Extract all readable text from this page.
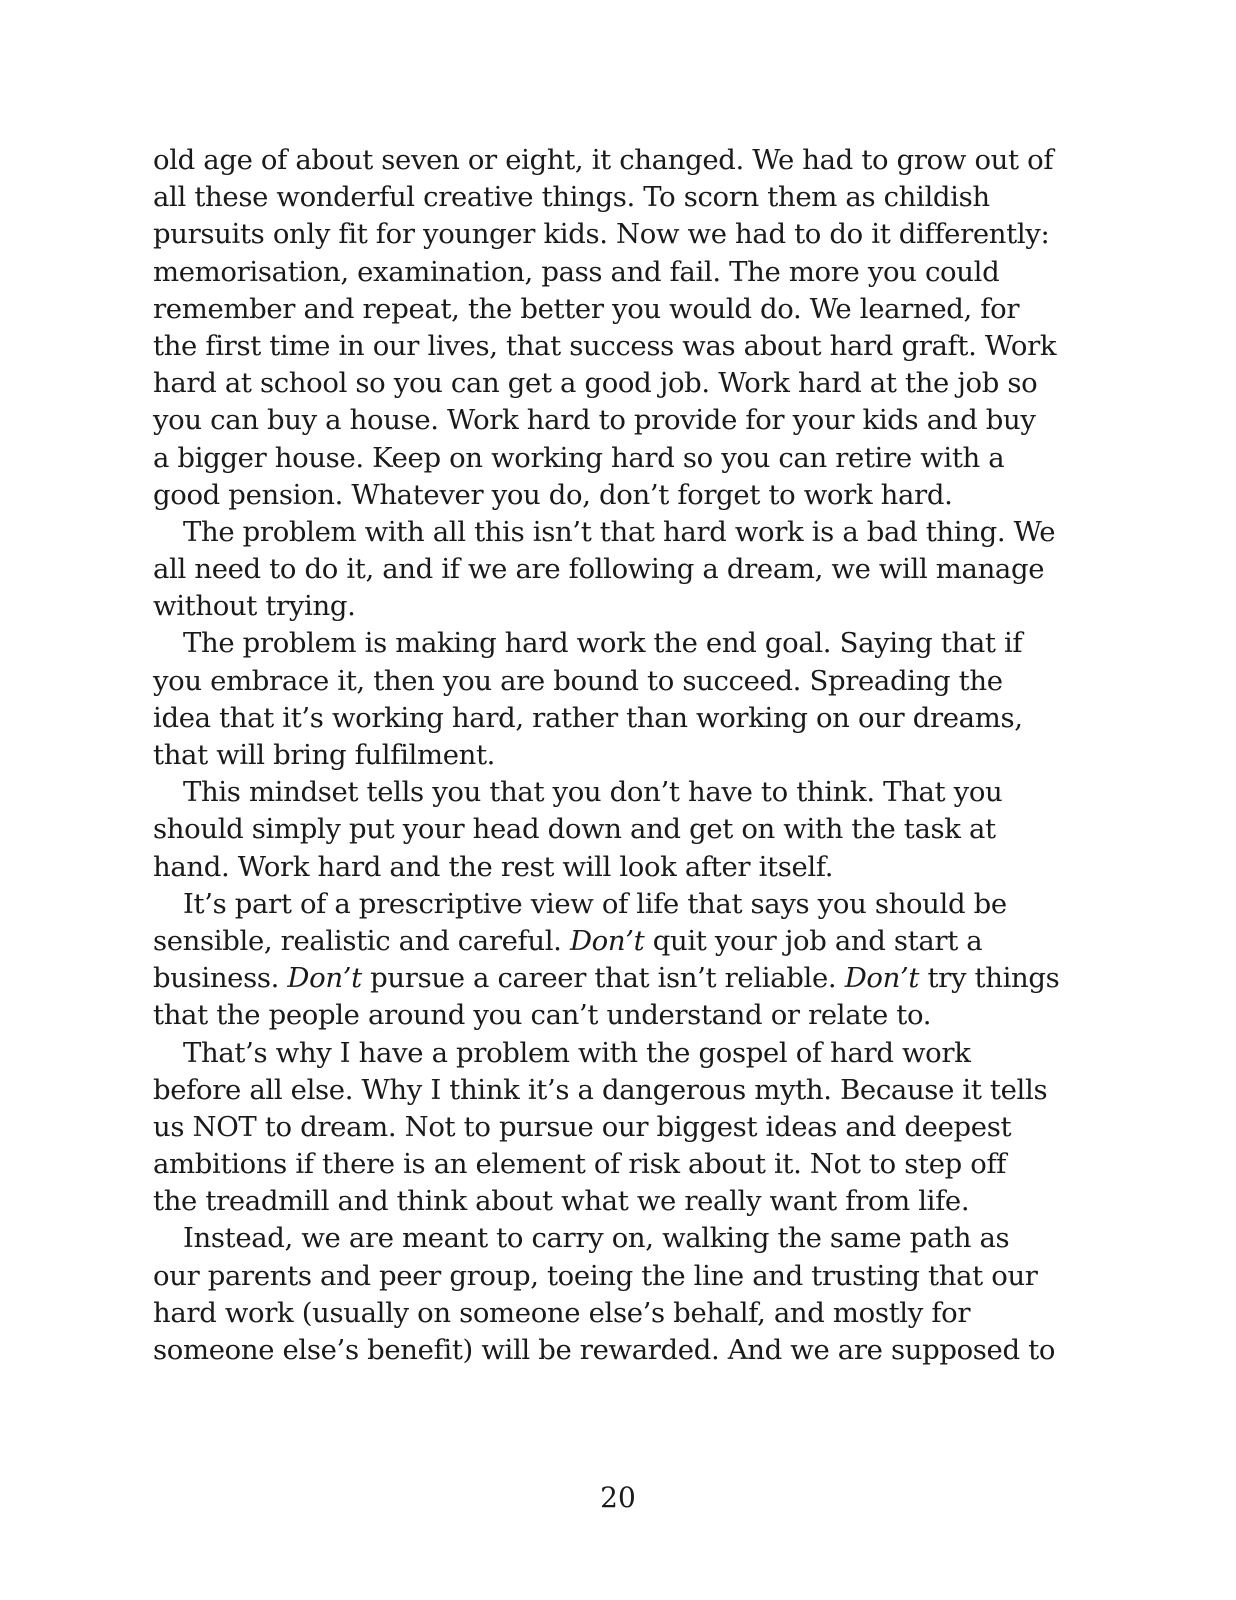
old age of about seven or eight, it changed. We had to grow out of
all these wonderful creative things. To scorn them as childish
pursuits only fit for younger kids. Now we had to do it differently:
memorisation, examination, pass and fail. The more you could
remember and repeat, the better you would do. We learned, for
the first time in our lives, that success was about hard graft. Work
hard at school so you can get a good job. Work hard at the job so
you can buy a house. Work hard to provide for your kids and buy
a bigger house. Keep on working hard so you can retire with a
good pension. Whatever you do, don’t forget to work hard.
The problem with all this isn’t that hard work is a bad thing. We
all need to do it, and if we are following a dream, we will manage
without trying.
The problem is making hard work the end goal. Saying that if
you embrace it, then you are bound to succeed. Spreading the
idea that it’s working hard, rather than working on our dreams,
that will bring fulfilment.
This mindset tells you that you don’t have to think. That you
should simply put your head down and get on with the task at
hand. Work hard and the rest will look after itself.
It’s part of a prescriptive view of life that says you should be
sensible, realistic and careful. Don’t quit your job and start a
business. Don’t pursue a career that isn’t reliable. Don’t try things
that the people around you can’t understand or relate to.
That’s why I have a problem with the gospel of hard work
before all else. Why I think it’s a dangerous myth. Because it tells
us NOT to dream. Not to pursue our biggest ideas and deepest
ambitions if there is an element of risk about it. Not to step off
the treadmill and think about what we really want from life.
Instead, we are meant to carry on, walking the same path as
our parents and peer group, toeing the line and trusting that our
hard work (usually on someone else’s behalf, and mostly for
someone else’s benefit) will be rewarded. And we are supposed to
20
